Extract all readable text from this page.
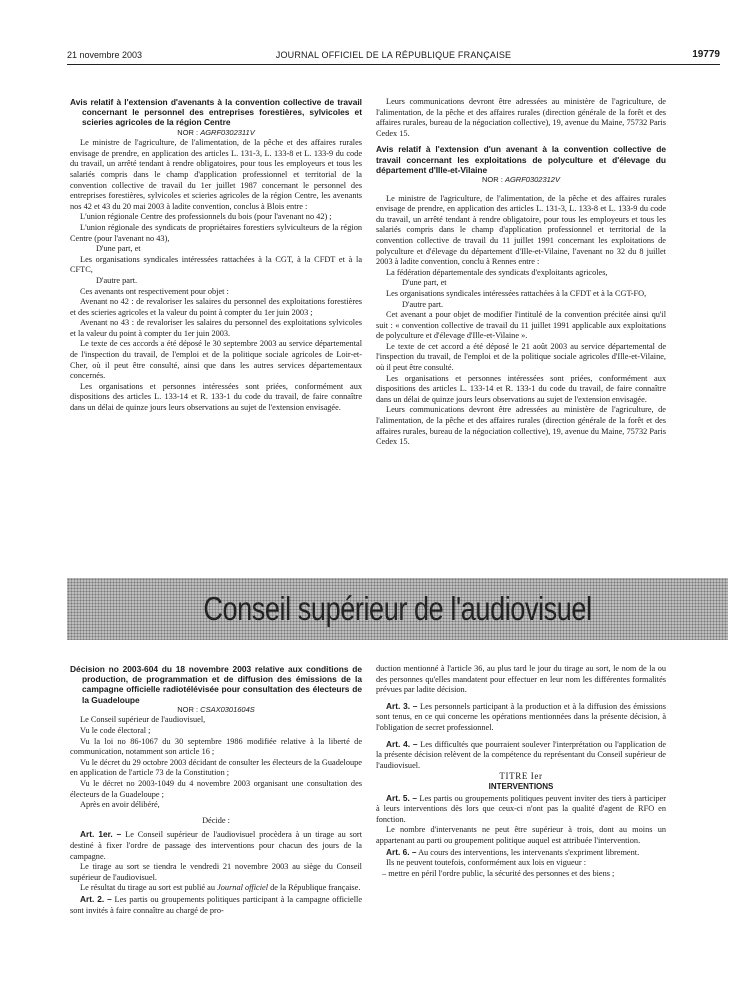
21 novembre 2003	JOURNAL OFFICIEL DE LA RÉPUBLIQUE FRANÇAISE	19779

Avis relatif à l'extension d'avenants à la convention collective de travail concernant le personnel des entreprises forestières, sylvicoles et scieries agricoles de la région Centre

NOR : AGRF0302311V

Le ministre de l'agriculture, de l'alimentation, de la pêche et des affaires rurales envisage de prendre, en application des articles L. 131-3, L. 133-8 et L. 133-9 du code du travail, un arrêté tendant à rendre obligatoires, pour tous les employeurs et tous les salariés compris dans le champ d'application professionnel et territorial de la convention collective de travail du 1er juillet 1987 concernant le personnel des entreprises forestières, sylvicoles et scieries agricoles de la région Centre, les avenants nos 42 et 43 du 20 mai 2003 à ladite convention, conclus à Blois entre :

L'union régionale Centre des professionnels du bois (pour l'avenant no 42) ;

L'union régionale des syndicats de propriétaires forestiers sylviculteurs de la région Centre (pour l'avenant no 43),

D'une part, et

Les organisations syndicales intéressées rattachées à la CGT, à la CFDT et à la CFTC,

D'autre part.

Ces avenants ont respectivement pour objet :

Avenant no 42 : de revaloriser les salaires du personnel des exploitations forestières et des scieries agricoles et la valeur du point à compter du 1er juin 2003 ;

Avenant no 43 : de revaloriser les salaires du personnel des exploitations sylvicoles et la valeur du point à compter du 1er juin 2003.

Le texte de ces accords a été déposé le 30 septembre 2003 au service départemental de l'inspection du travail, de l'emploi et de la politique sociale agricoles de Loir-et-Cher, où il peut être consulté, ainsi que dans les autres services départementaux concernés.

Les organisations et personnes intéressées sont priées, conformément aux dispositions des articles L. 133-14 et R. 133-1 du code du travail, de faire connaître dans un délai de quinze jours leurs observations au sujet de l'extension envisagée.

Leurs communications devront être adressées au ministère de l'agriculture, de l'alimentation, de la pêche et des affaires rurales (direction générale de la forêt et des affaires rurales, bureau de la négociation collective), 19, avenue du Maine, 75732 Paris Cedex 15.

Avis relatif à l'extension d'un avenant à la convention collective de travail concernant les exploitations de polyculture et d'élevage du département d'Ille-et-Vilaine

NOR : AGRF0302312V

Le ministre de l'agriculture, de l'alimentation, de la pêche et des affaires rurales envisage de prendre, en application des articles L. 131-3, L. 133-8 et L. 133-9 du code du travail, un arrêté tendant à rendre obligatoire, pour tous les employeurs et tous les salariés compris dans le champ d'application professionnel et territorial de la convention collective de travail du 11 juillet 1991 concernant les exploitations de polyculture et d'élevage du département d'Ille-et-Vilaine, l'avenant no 32 du 8 juillet 2003 à ladite convention, conclu à Rennes entre :

La fédération départementale des syndicats d'exploitants agricoles,

D'une part, et

Les organisations syndicales intéressées rattachées à la CFDT et à la CGT-FO,

D'autre part.

Cet avenant a pour objet de modifier l'intitulé de la convention précitée ainsi qu'il suit : « convention collective de travail du 11 juillet 1991 applicable aux exploitations de polyculture et d'élevage d'Ille-et-Vilaine ».

Le texte de cet accord a été déposé le 21 août 2003 au service départemental de l'inspection du travail, de l'emploi et de la politique sociale agricoles d'Ille-et-Vilaine, où il peut être consulté.

Les organisations et personnes intéressées sont priées, conformément aux dispositions des articles L. 133-14 et R. 133-1 du code du travail, de faire connaître dans un délai de quinze jours leurs observations au sujet de l'extension envisagée.

Leurs communications devront être adressées au ministère de l'agriculture, de l'alimentation, de la pêche et des affaires rurales (direction générale de la forêt et des affaires rurales, bureau de la négociation collective), 19, avenue du Maine, 75732 Paris Cedex 15.

Conseil supérieur de l'audiovisuel

Décision no 2003-604 du 18 novembre 2003 relative aux conditions de production, de programmation et de diffusion des émissions de la campagne officielle radiotélévisée pour consultation des électeurs de la Guadeloupe

NOR : CSAX0301604S

Le Conseil supérieur de l'audiovisuel,

Vu le code électoral ;

Vu la loi no 86-1067 du 30 septembre 1986 modifiée relative à la liberté de communication, notamment son article 16 ;

Vu le décret du 29 octobre 2003 décidant de consulter les électeurs de la Guadeloupe en application de l'article 73 de la Constitution ;

Vu le décret no 2003-1049 du 4 novembre 2003 organisant une consultation des électeurs de la Guadeloupe ;

Après en avoir délibéré,

Décide :

Art. 1er. – Le Conseil supérieur de l'audiovisuel procèdera à un tirage au sort destiné à fixer l'ordre de passage des interventions pour chacun des jours de la campagne.

Le tirage au sort se tiendra le vendredi 21 novembre 2003 au siège du Conseil supérieur de l'audiovisuel.

Le résultat du tirage au sort est publié au Journal officiel de la République française.

Art. 2. – Les partis ou groupements politiques participant à la campagne officielle sont invités à faire connaître au chargé de pro-

duction mentionné à l'article 36, au plus tard le jour du tirage au sort, le nom de la ou des personnes qu'elles mandatent pour effectuer en leur nom les différentes formalités prévues par ladite décision.

Art. 3. – Les personnels participant à la production et à la diffusion des émissions sont tenus, en ce qui concerne les opérations mentionnées dans la présente décision, à l'obligation de secret professionnel.

Art. 4. – Les difficultés que pourraient soulever l'interprétation ou l'application de la présente décision relèvent de la compétence du représentant du Conseil supérieur de l'audiovisuel.

TITRE Ier

INTERVENTIONS

Art. 5. – Les partis ou groupements politiques peuvent inviter des tiers à participer à leurs interventions dès lors que ceux-ci n'ont pas la qualité d'agent de RFO en fonction.

Le nombre d'intervenants ne peut être supérieur à trois, dont au moins un appartenant au parti ou groupement politique auquel est attribuée l'intervention.

Art. 6. – Au cours des interventions, les intervenants s'expriment librement.

Ils ne peuvent toutefois, conformément aux lois en vigueur :

– mettre en péril l'ordre public, la sécurité des personnes et des biens ;
